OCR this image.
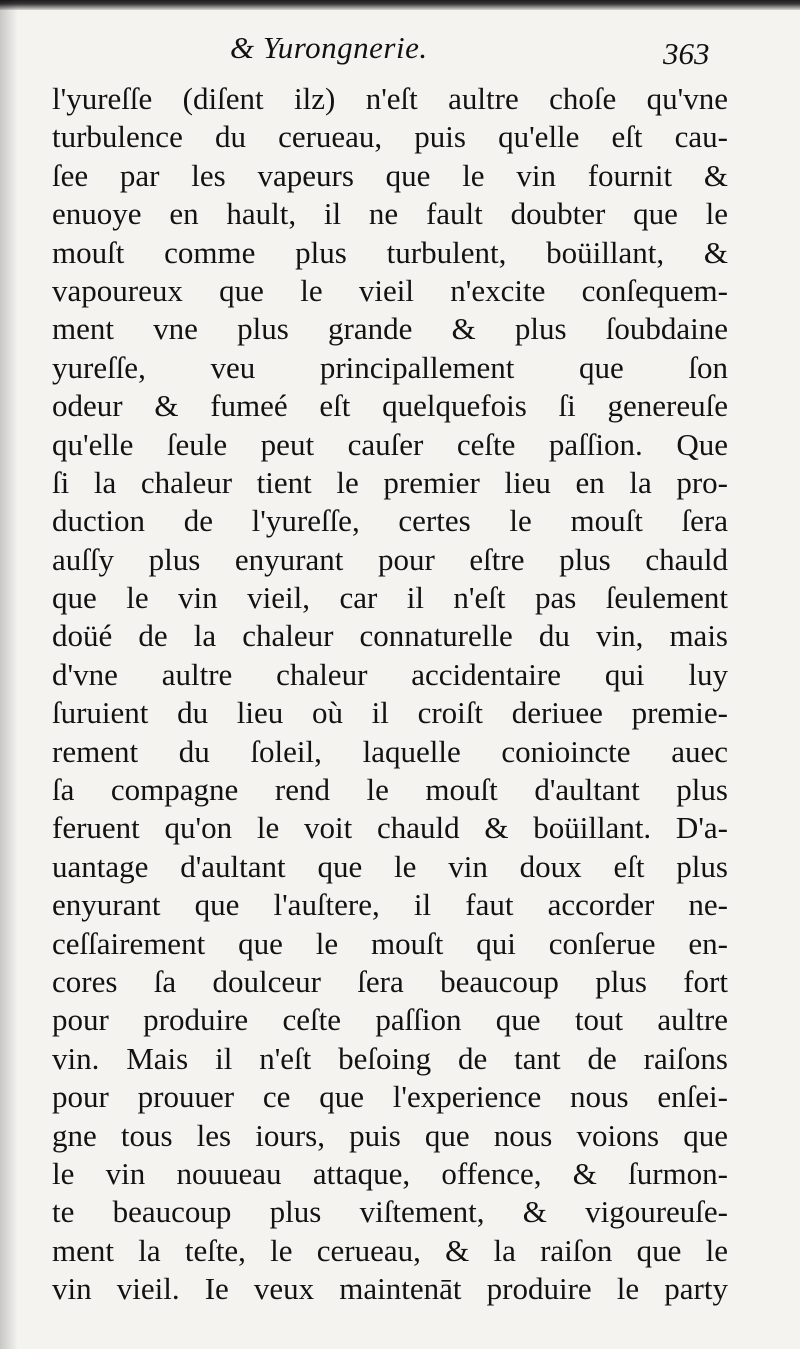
& Yurongnerie.	363
l'yureſſe (diſent ilz) n'eſt aultre choſe qu'vne
turbulence du cerueau, puis qu'elle eſt cau-
ſee par les vapeurs que le vin fournit &
enuoye en hault, il ne fault doubter que le
mouſt comme plus turbulent, boüillant, &
vapoureux que le vieil n'excite conſequem-
ment vne plus grande & plus ſoubdaine
yureſſe, veu principallement que ſon
odeur & fumeé eſt quelquefois ſi genereuſe
qu'elle ſeule peut cauſer ceſte paſſion. Que
ſi la chaleur tient le premier lieu en la pro-
duction de l'yureſſe, certes le mouſt ſera
auſſy plus enyurant pour eſtre plus chauld
que le vin vieil, car il n'eſt pas ſeulement
doüé de la chaleur connaturelle du vin, mais
d'vne aultre chaleur accidentaire qui luy
ſuruient du lieu où il croiſt deriuee premie-
rement du ſoleil, laquelle conioincte auec
ſa compagne rend le mouſt d'aultant plus
feruent qu'on le voit chauld & boüillant. D'a-
uantage d'aultant que le vin doux eſt plus
enyurant que l'auſtere, il faut accorder ne-
ceſſairement que le mouſt qui conſerue en-
cores ſa doulceur ſera beaucoup plus fort
pour produire ceſte paſſion que tout aultre
vin. Mais il n'eſt beſoing de tant de raiſons
pour prouuer ce que l'experience nous enſei-
gne tous les iours, puis que nous voions que
le vin nouueau attaque, offence, & ſurmon-
te beaucoup plus viſtement, & vigoureuſe-
ment la teſte, le cerueau, & la raiſon que le
vin vieil. Ie veux maintenāt produire le party
